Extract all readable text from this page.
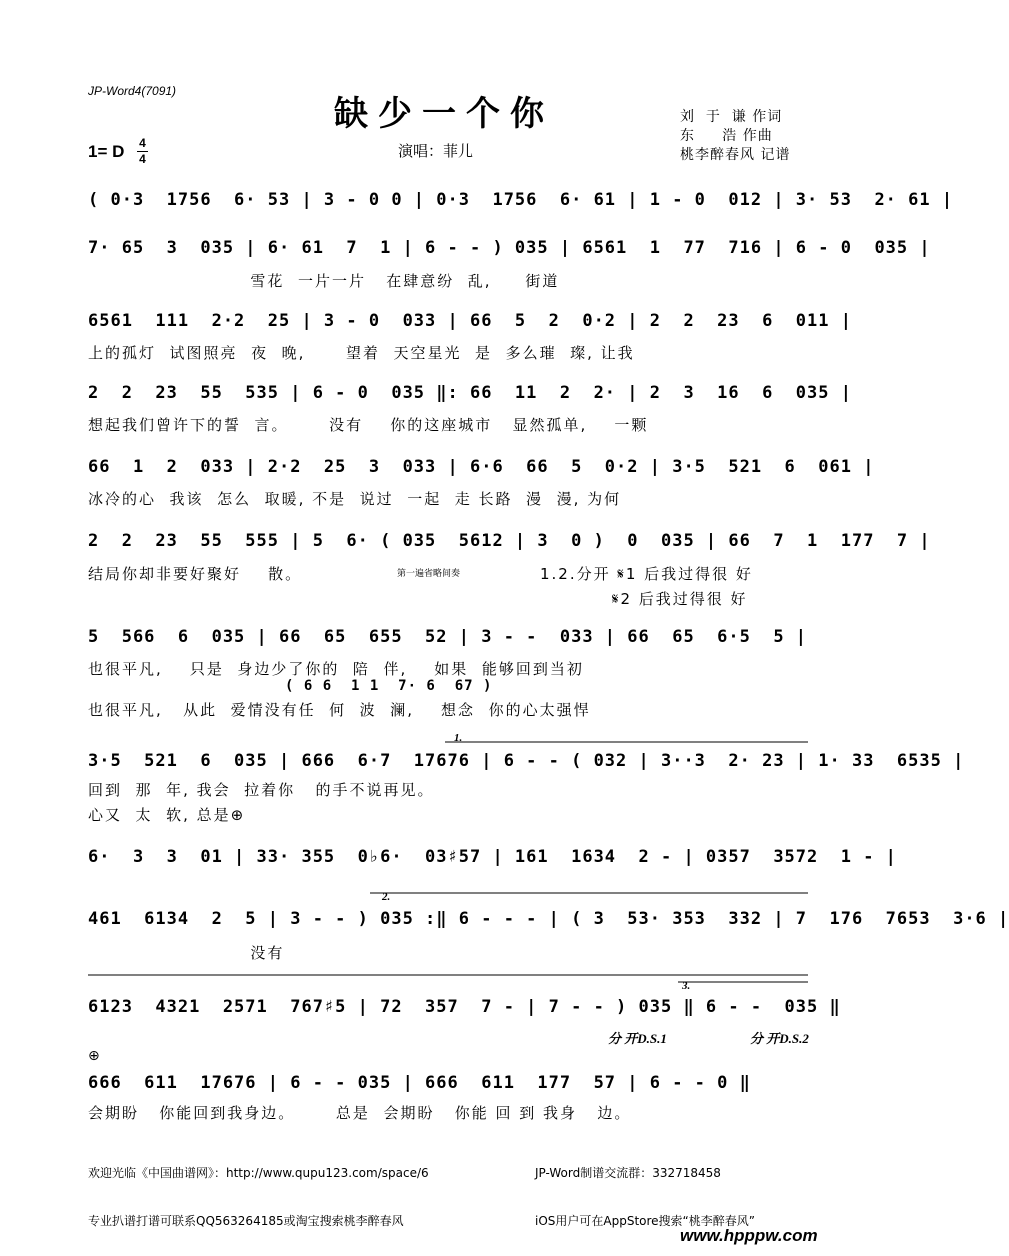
JP-Word4(7091)
缺少一个你	刘  于  谦 作词
东     浩 作曲
桃李醉春风 记谱
1= D 4
4	演唱：菲儿
( 0·3  1756  6· 53 | 3 - 0 0 | 0·3  1756  6· 61 | 1 - 0  012 | 3· 53  2· 61 |
7· 65  3  035 | 6· 61  7  1 | 6 - - ) 035 | 6561  1  77  716 | 6 - 0  035 |
雪花  一片一片   在肆意纷  乱,     街道
6561  111  2·2  25 | 3 - 0  033 | 66  5  2  0·2 | 2  2  23  6  011 |
上的孤灯  试图照亮  夜  晚,      望着  天空星光  是  多么璀  璨, 让我
2  2  23  55  535 | 6 - 0  035 ‖: 66  11  2  2· | 2  3  16  6  035 |
想起我们曾许下的誓  言。      没有    你的这座城市   显然孤单,    一颗
66  1  2  033 | 2·2  25  3  033 | 6·6  66  5  0·2 | 3·5  521  6  061 |
冰冷的心  我该  怎么  取暖, 不是  说过  一起  走 长路  漫  漫, 为何
2  2  23  55  555 | 5  6· ( 035  5612 | 3  0 )  0  035 | 66  7  1  177  7 |
结局你却非要好聚好    散。	第一遍省略间奏	1.2.分开 𝄋1 后我过得很 好
𝄋2 后我过得很 好
5  566  6  035 | 66  65  655  52 | 3 - -  033 | 66  65  6·5  5 |
也很平凡,    只是  身边少了你的  陪  伴,    如果  能够回到当初
( 6 6  1 1  7· 6  67 )
也很平凡,   从此  爱情没有任  何  波  澜,    想念  你的心太强悍
1.
3·5  521  6  035 | 666  6·7  17676 | 6 - - ( 032 | 3··3  2· 23 | 1· 33  6535 |
回到  那  年, 我会  拉着你   的手不说再见。
心又  太  软, 总是⊕
6·  3  3  01 | 33· 355  0♭6·  03♯57 | 161  1634  2 - | 0357  3572  1 - |
2.
461  6134  2  5 | 3 - - ) 035 :‖ 6 - - - | ( 3  53· 353  332 | 7  176  7653  3·6 |
没有
3.
6123  4321  2571  767♯5 | 72  357  7 - | 7 - - ) 035 ‖ 6 - -  035 ‖
分 开D.S.1	分 开D.S.2
⊕
666  611  17676 | 6 - - 035 | 666  611  177  57 | 6 - - 0 ‖
会期盼   你能回到我身边。      总是  会期盼   你能 回 到 我身   边。

欢迎光临《中国曲谱网》：http://www.qupu123.com/space/6

专业扒谱打谱可联系QQ563264185或淘宝搜索桃李醉春风

JP-Word制谱交流群：332718458

iOS用户可在AppStore搜索“桃李醉春风”

www.hpppw.com
